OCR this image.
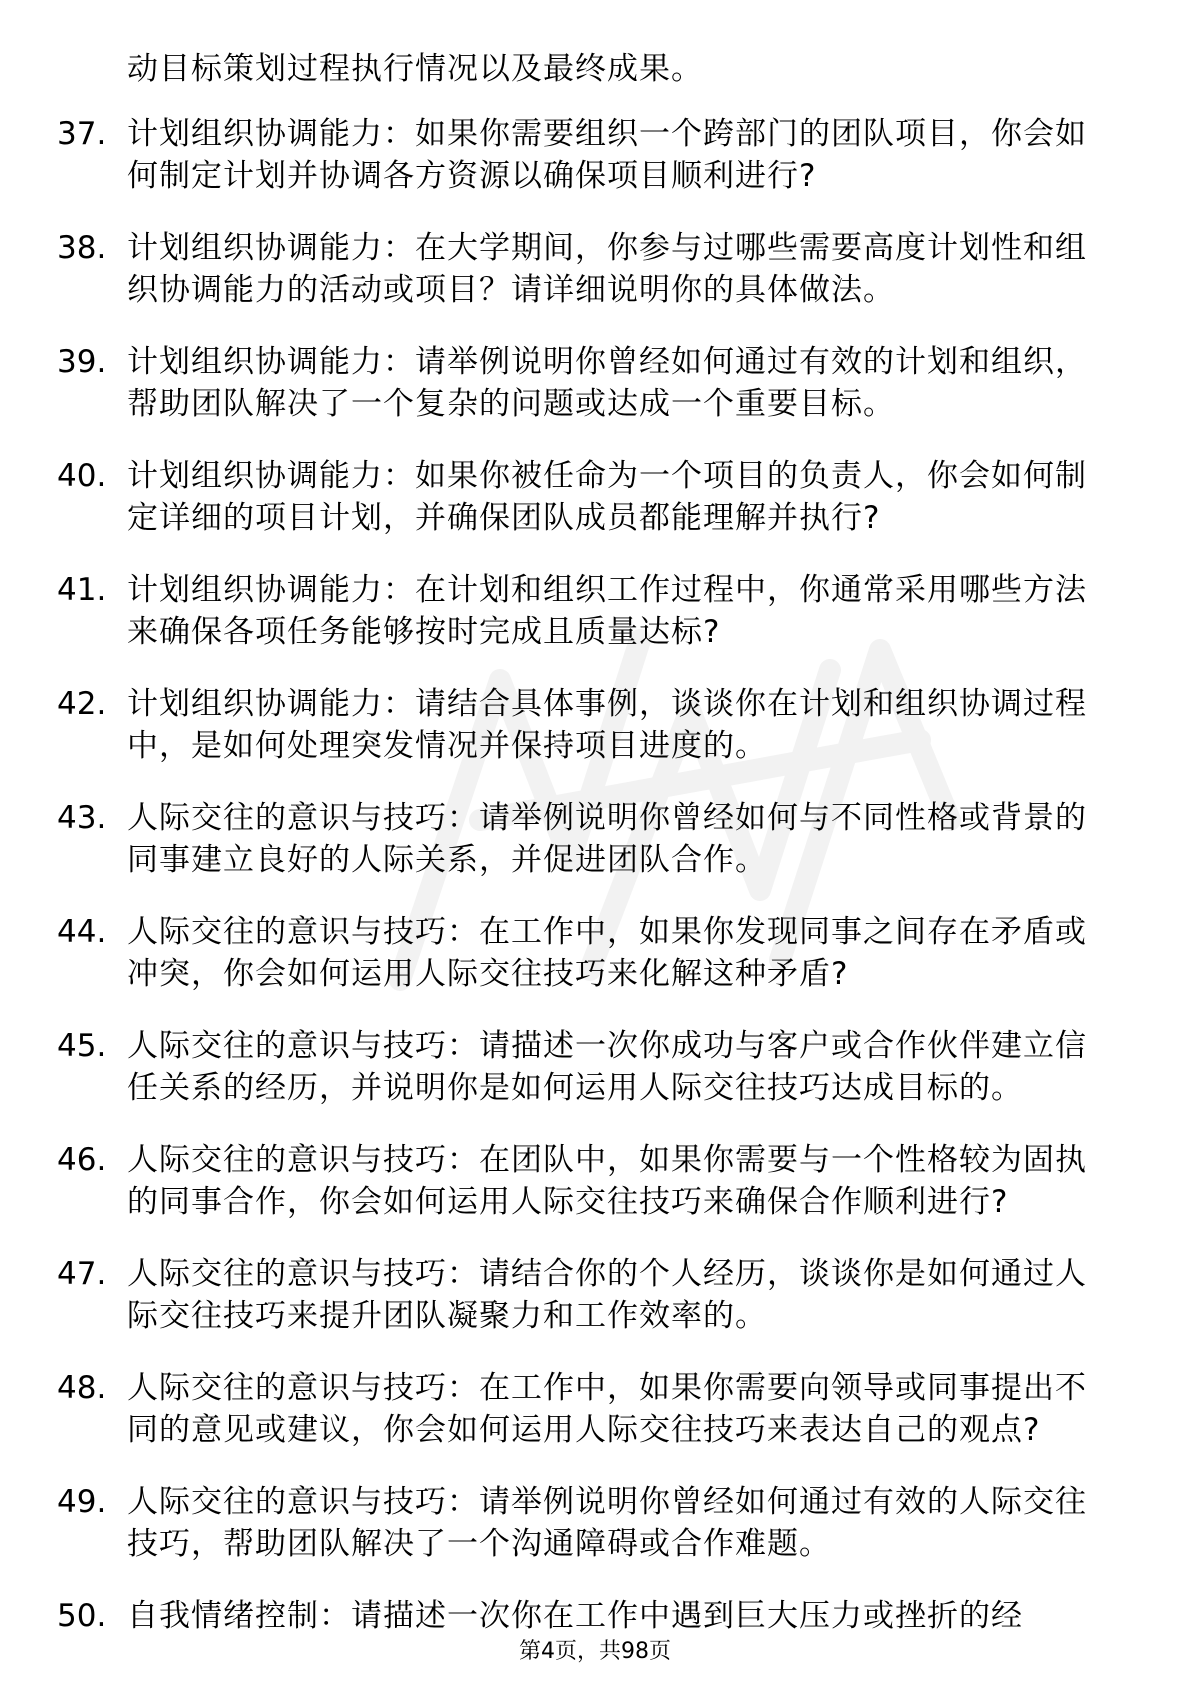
动目标策划过程执行情况以及最终成果。
37. 计划组织协调能力：如果你需要组织一个跨部门的团队项目，你会如何制定计划并协调各方资源以确保项目顺利进行?
38. 计划组织协调能力：在大学期间，你参与过哪些需要高度计划性和组织协调能力的活动或项目？请详细说明你的具体做法。
39. 计划组织协调能力：请举例说明你曾经如何通过有效的计划和组织，帮助团队解决了一个复杂的问题或达成一个重要目标。
40. 计划组织协调能力：如果你被任命为一个项目的负责人，你会如何制定详细的项目计划，并确保团队成员都能理解并执行?
41. 计划组织协调能力：在计划和组织工作过程中，你通常采用哪些方法来确保各项任务能够按时完成且质量达标?
42. 计划组织协调能力：请结合具体事例，谈谈你在计划和组织协调过程中，是如何处理突发情况并保持项目进度的。
43. 人际交往的意识与技巧：请举例说明你曾经如何与不同性格或背景的同事建立良好的人际关系，并促进团队合作。
44. 人际交往的意识与技巧：在工作中，如果你发现同事之间存在矛盾或冲突，你会如何运用人际交往技巧来化解这种矛盾?
45. 人际交往的意识与技巧：请描述一次你成功与客户或合作伙伴建立信任关系的经历，并说明你是如何运用人际交往技巧达成目标的。
46. 人际交往的意识与技巧：在团队中，如果你需要与一个性格较为固执的同事合作，你会如何运用人际交往技巧来确保合作顺利进行?
47. 人际交往的意识与技巧：请结合你的个人经历，谈谈你是如何通过人际交往技巧来提升团队凝聚力和工作效率的。
48. 人际交往的意识与技巧：在工作中，如果你需要向领导或同事提出不同的意见或建议，你会如何运用人际交往技巧来表达自己的观点?
49. 人际交往的意识与技巧：请举例说明你曾经如何通过有效的人际交往技巧，帮助团队解决了一个沟通障碍或合作难题。
50. 自我情绪控制：请描述一次你在工作中遇到巨大压力或挫折的经
第4页，共98页
